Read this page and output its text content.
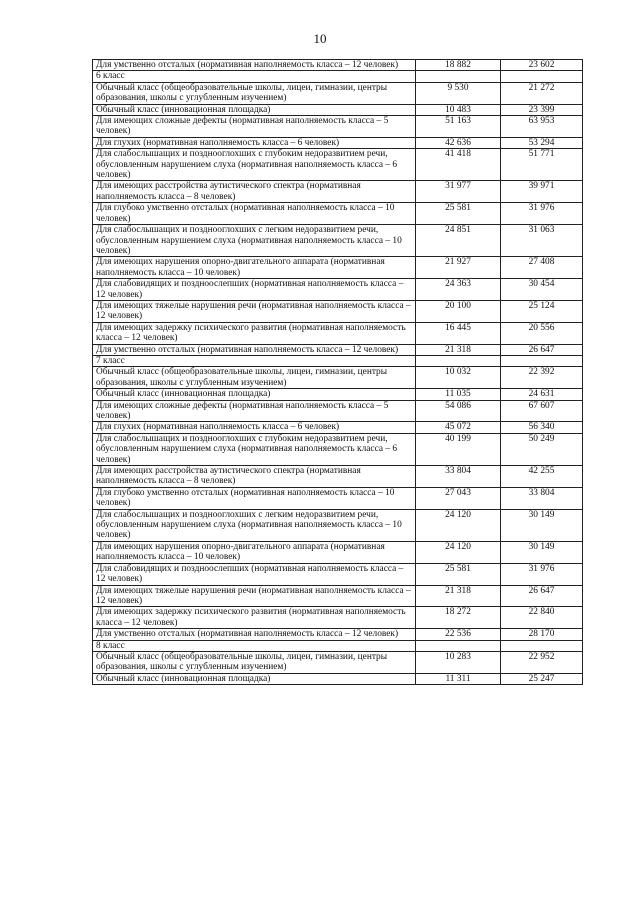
10
Для умственно отсталых (нормативная наполняемость класса – 12 человек)	18 882	23 602
6 класс		
Обычный класс (общеобразовательные школы, лицеи, гимназии, центры образования, школы с углубленным изучением)	9 530	21 272
Обычный класс (инновационная площадка)	10 483	23 399
Для имеющих сложные дефекты (нормативная наполняемость класса – 5 человек)	51 163	63 953
Для глухих (нормативная наполняемость класса – 6 человек)	42 636	53 294
Для слабослышащих и позднооглохших с глубоким недоразвитием речи, обусловленным нарушением слуха (нормативная наполняемость класса – 6 человек)	41 418	51 771
Для имеющих расстройства аутистического спектра (нормативная наполняемость класса – 8 человек)	31 977	39 971
Для глубоко умственно отсталых (нормативная наполняемость класса – 10 человек)	25 581	31 976
Для слабослышащих и позднооглохших с легким недоразвитием речи, обусловленным нарушением слуха (нормативная наполняемость класса – 10 человек)	24 851	31 063
Для имеющих нарушения опорно-двигательного аппарата (нормативная наполняемость класса – 10 человек)	21 927	27 408
Для слабовидящих и поздноослепших (нормативная наполняемость класса – 12 человек)	24 363	30 454
Для имеющих тяжелые нарушения речи (нормативная наполняемость класса – 12 человек)	20 100	25 124
Для имеющих задержку психического развития (нормативная наполняемость класса – 12 человек)	16 445	20 556
Для умственно отсталых (нормативная наполняемость класса – 12 человек)	21 318	26 647
7 класс		
Обычный класс (общеобразовательные школы, лицеи, гимназии, центры образования, школы с углубленным изучением)	10 032	22 392
Обычный класс (инновационная площадка)	11 035	24 631
Для имеющих сложные дефекты (нормативная наполняемость класса – 5 человек)	54 086	67 607
Для глухих (нормативная наполняемость класса – 6 человек)	45 072	56 340
Для слабослышащих и позднооглохших с глубоким недоразвитием речи, обусловленным нарушением слуха (нормативная наполняемость класса – 6 человек)	40 199	50 249
Для имеющих расстройства аутистического спектра (нормативная наполняемость класса – 8 человек)	33 804	42 255
Для глубоко умственно отсталых (нормативная наполняемость класса – 10 человек)	27 043	33 804
Для слабослышащих и позднооглохших с легким недоразвитием речи, обусловленным нарушением слуха (нормативная наполняемость класса – 10 человек)	24 120	30 149
Для имеющих нарушения опорно-двигательного аппарата (нормативная наполняемость класса – 10 человек)	24 120	30 149
Для слабовидящих и поздноослепших (нормативная наполняемость класса – 12 человек)	25 581	31 976
Для имеющих тяжелые нарушения речи (нормативная наполняемость класса – 12 человек)	21 318	26 647
Для имеющих задержку психического развития (нормативная наполняемость класса – 12 человек)	18 272	22 840
Для умственно отсталых (нормативная наполняемость класса – 12 человек)	22 536	28 170
8 класс		
Обычный класс (общеобразовательные школы, лицеи, гимназии, центры образования, школы с углубленным изучением)	10 283	22 952
Обычный класс (инновационная площадка)	11 311	25 247
